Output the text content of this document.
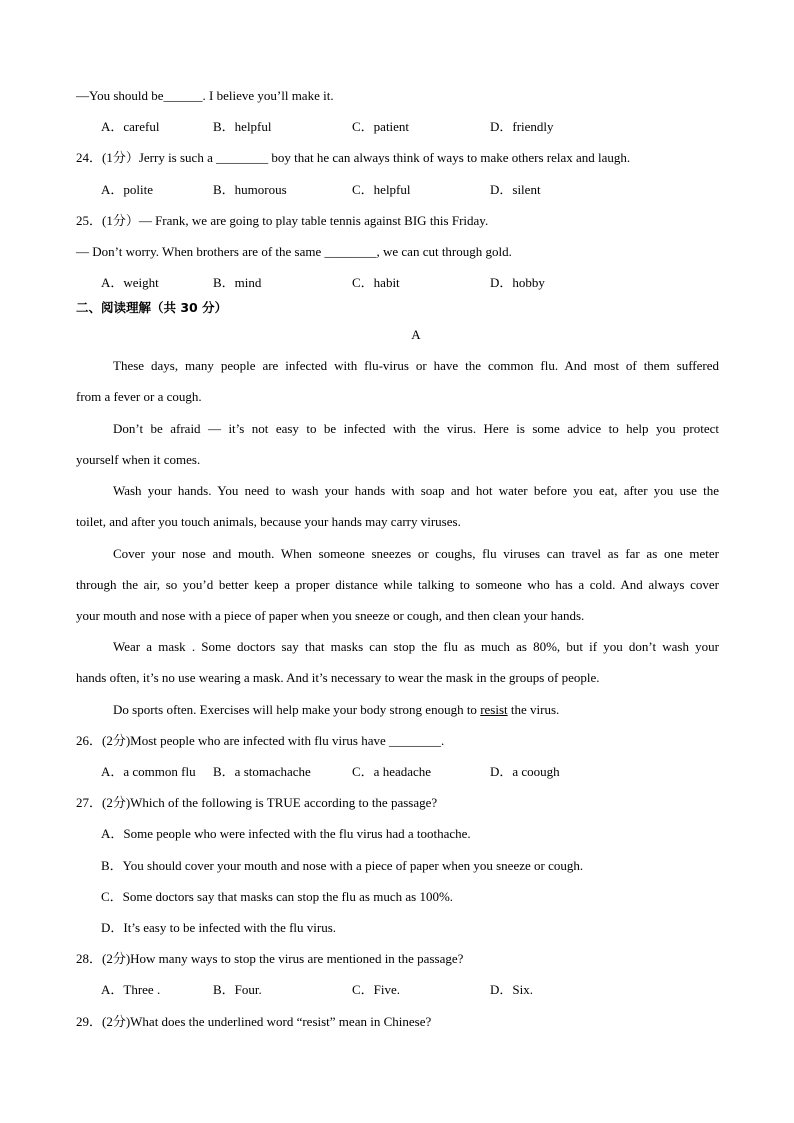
—You should be______. I believe you’ll make it.
A．careful	B．helpful	C．patient	D．friendly
24．(1分）Jerry is such a ________ boy that he can always think of ways to make others relax and laugh.
A．polite	B．humorous	C．helpful	D．silent
25．(1分）— Frank, we are going to play table tennis against BIG this Friday.
— Don’t worry. When brothers are of the same ________, we can cut through gold.
A．weight	B．mind	C．habit	D．hobby
二、阅读理解（共 30 分）
A
These days, many people are infected with flu-virus or have the common flu. And most of them suffered
from a fever or a cough.
Don’t be afraid — it’s not easy to be infected with the virus. Here is some advice to help you protect
yourself when it comes.
Wash your hands. You need to wash your hands with soap and hot water before you eat, after you use the
toilet, and after you touch animals, because your hands may carry viruses.
Cover your nose and mouth. When someone sneezes or coughs, flu viruses can travel as far as one meter
through the air, so you’d better keep a proper distance while talking to someone who has a cold. And always cover
your mouth and nose with a piece of paper when you sneeze or cough, and then clean your hands.
Wear a mask . Some doctors say that masks can stop the flu as much as 80%, but if you don’t wash your
hands often, it’s no use wearing a mask. And it’s necessary to wear the mask in the groups of people.
Do sports often. Exercises will help make your body strong enough to resist the virus.
26．(2分)Most people who are infected with flu virus have ________.
A．a common flu B．a stomachache	C．a headache	D．a coough
27．(2分)Which of the following is TRUE according to the passage?
A．Some people who were infected with the flu virus had a toothache.
B．You should cover your mouth and nose with a piece of paper when you sneeze or cough.
C．Some doctors say that masks can stop the flu as much as 100%.
D．It’s easy to be infected with the flu virus.
28．(2分)How many ways to stop the virus are mentioned in the passage?
A．Three .	B．Four.	C．Five.	D．Six.
29．(2分)What does the underlined word “resist” mean in Chinese?
